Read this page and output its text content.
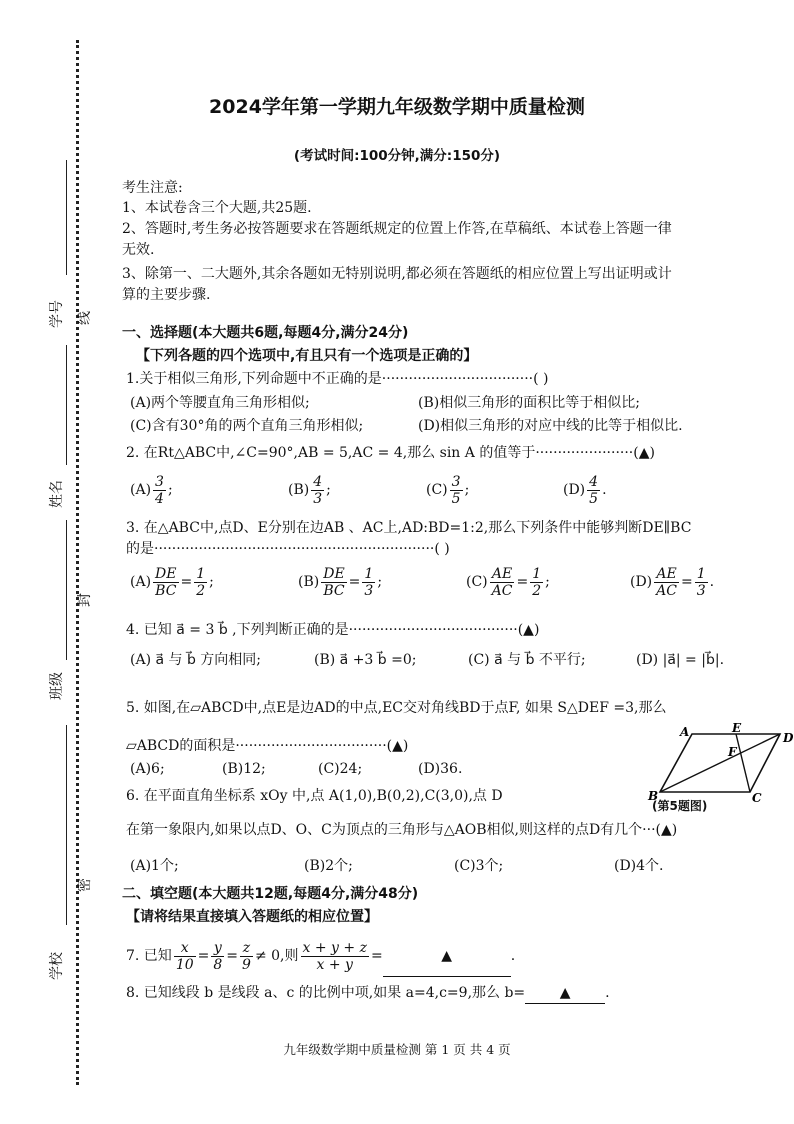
学号 线
姓名
封
班级
密
学校
2024学年第一学期九年级数学期中质量检测
(考试时间:100分钟,满分:150分)
考生注意:
1、本试卷含三个大题,共25题.
2、答题时,考生务必按答题要求在答题纸规定的位置上作答,在草稿纸、本试卷上答题一律
无效.
3、除第一、二大题外,其余各题如无特别说明,都必须在答题纸的相应位置上写出证明或计
算的主要步骤.
一、选择题(本大题共6题,每题4分,满分24分)
【下列各题的四个选项中,有且只有一个选项是正确的】
1.关于相似三角形,下列命题中不正确的是··································( )
(A)两个等腰直角三角形相似;	(B)相似三角形的面积比等于相似比;
(C)含有30°角的两个直角三角形相似;	(D)相似三角形的对应中线的比等于相似比.
2. 在Rt△ABC中,∠C=90°,AB = 5,AC = 4,那么 sin A 的值等于······················(▲)
$(A) \frac{3}{4}$ ;	$(B) \frac{4}{3}$ ;	$(C) \frac{3}{5}$ ;	$(D) \frac{4}{5}$ .
3. 在△ABC中,点D、E分别在边AB 、AC上,AD:BD=1:2,那么下列条件中能够判断DE∥BC
的是·······························································( )
$(A) \frac{DE}{BC} = \frac{1}{2}$ ;	$(B) \frac{DE}{BC} = \frac{1}{3}$ ;	$(C) \frac{AE}{AC} = \frac{1}{2}$ ;	$(D) \frac{AE}{AC} = \frac{1}{3}$ .
4. 已知 a⃗ = 3 b⃗ ,下列判断正确的是······································(▲)
(A) a⃗ 与 b⃗ 方向相同;	(B) a⃗ +3 b⃗ =0;	(C) a⃗ 与 b⃗ 不平行;	(D) |a⃗| = |b⃗|.
5. 如图,在▱ABCD中,点E是边AD的中点,EC交对角线BD于点F, 如果 S△DEF =3,那么
▱ABCD的面积是··································(▲)
(A)6;	(B)12;	(C)24;	(D)36.
A	E
D
F
B	C
(第5题图)
6. 在平面直角坐标系 xOy 中,点 A(1,0),B(0,2),C(3,0),点 D
在第一象限内,如果以点D、O、C为顶点的三角形与△AOB相似,则这样的点D有几个···(▲)
(A)1个;	(B)2个;	(C)3个;	(D)4个.
二、填空题(本大题共12题,每题4分,满分48分)
【请将结果直接填入答题纸的相应位置】
7. 已知 $\frac{x}{10} = \frac{y}{8} = \frac{z}{9} \ne 0$,则 $\frac{x + y + z}{x + y}$ =	▲	.
8. 已知线段 b 是线段 a、c 的比例中项,如果 a=4,c=9,那么 b= ▲ .
九年级数学期中质量检测 第 1 页 共 4 页
